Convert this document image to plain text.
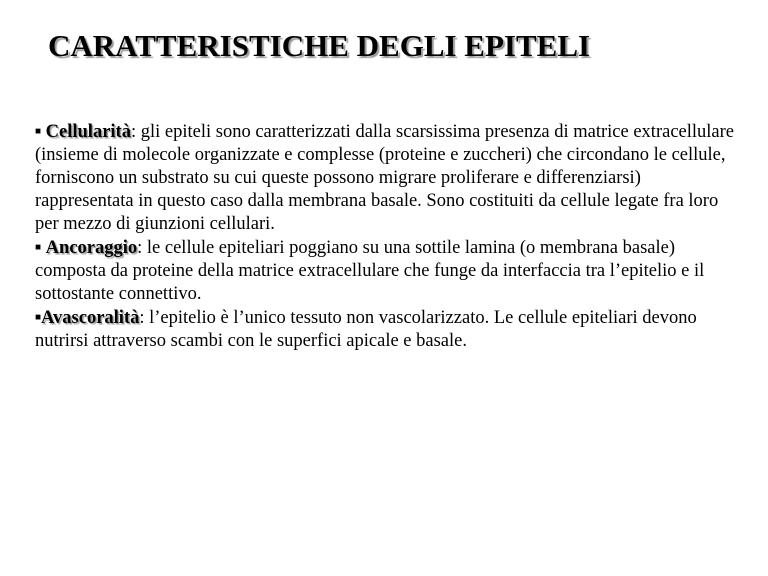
CARATTERISTICHE DEGLI EPITELI

■ Cellularità: gli epiteli sono caratterizzati dalla scarsissima presenza di matrice extracellulare (insieme di molecole organizzate e complesse (proteine e zuccheri) che circondano le cellule, forniscono un substrato su cui queste possono migrare proliferare e differenziarsi) rappresentata in questo caso dalla membrana basale. Sono costituiti da cellule legate fra loro per mezzo di giunzioni cellulari.

■ Ancoraggio: le cellule epiteliari poggiano su una sottile lamina (o membrana basale) composta da proteine della matrice extracellulare che funge da interfaccia tra l’epitelio e il sottostante connettivo.

■Avascoralità: l’epitelio è l’unico tessuto non vascolarizzato. Le cellule epiteliari devono nutrirsi attraverso scambi con le superfici apicale e basale.
